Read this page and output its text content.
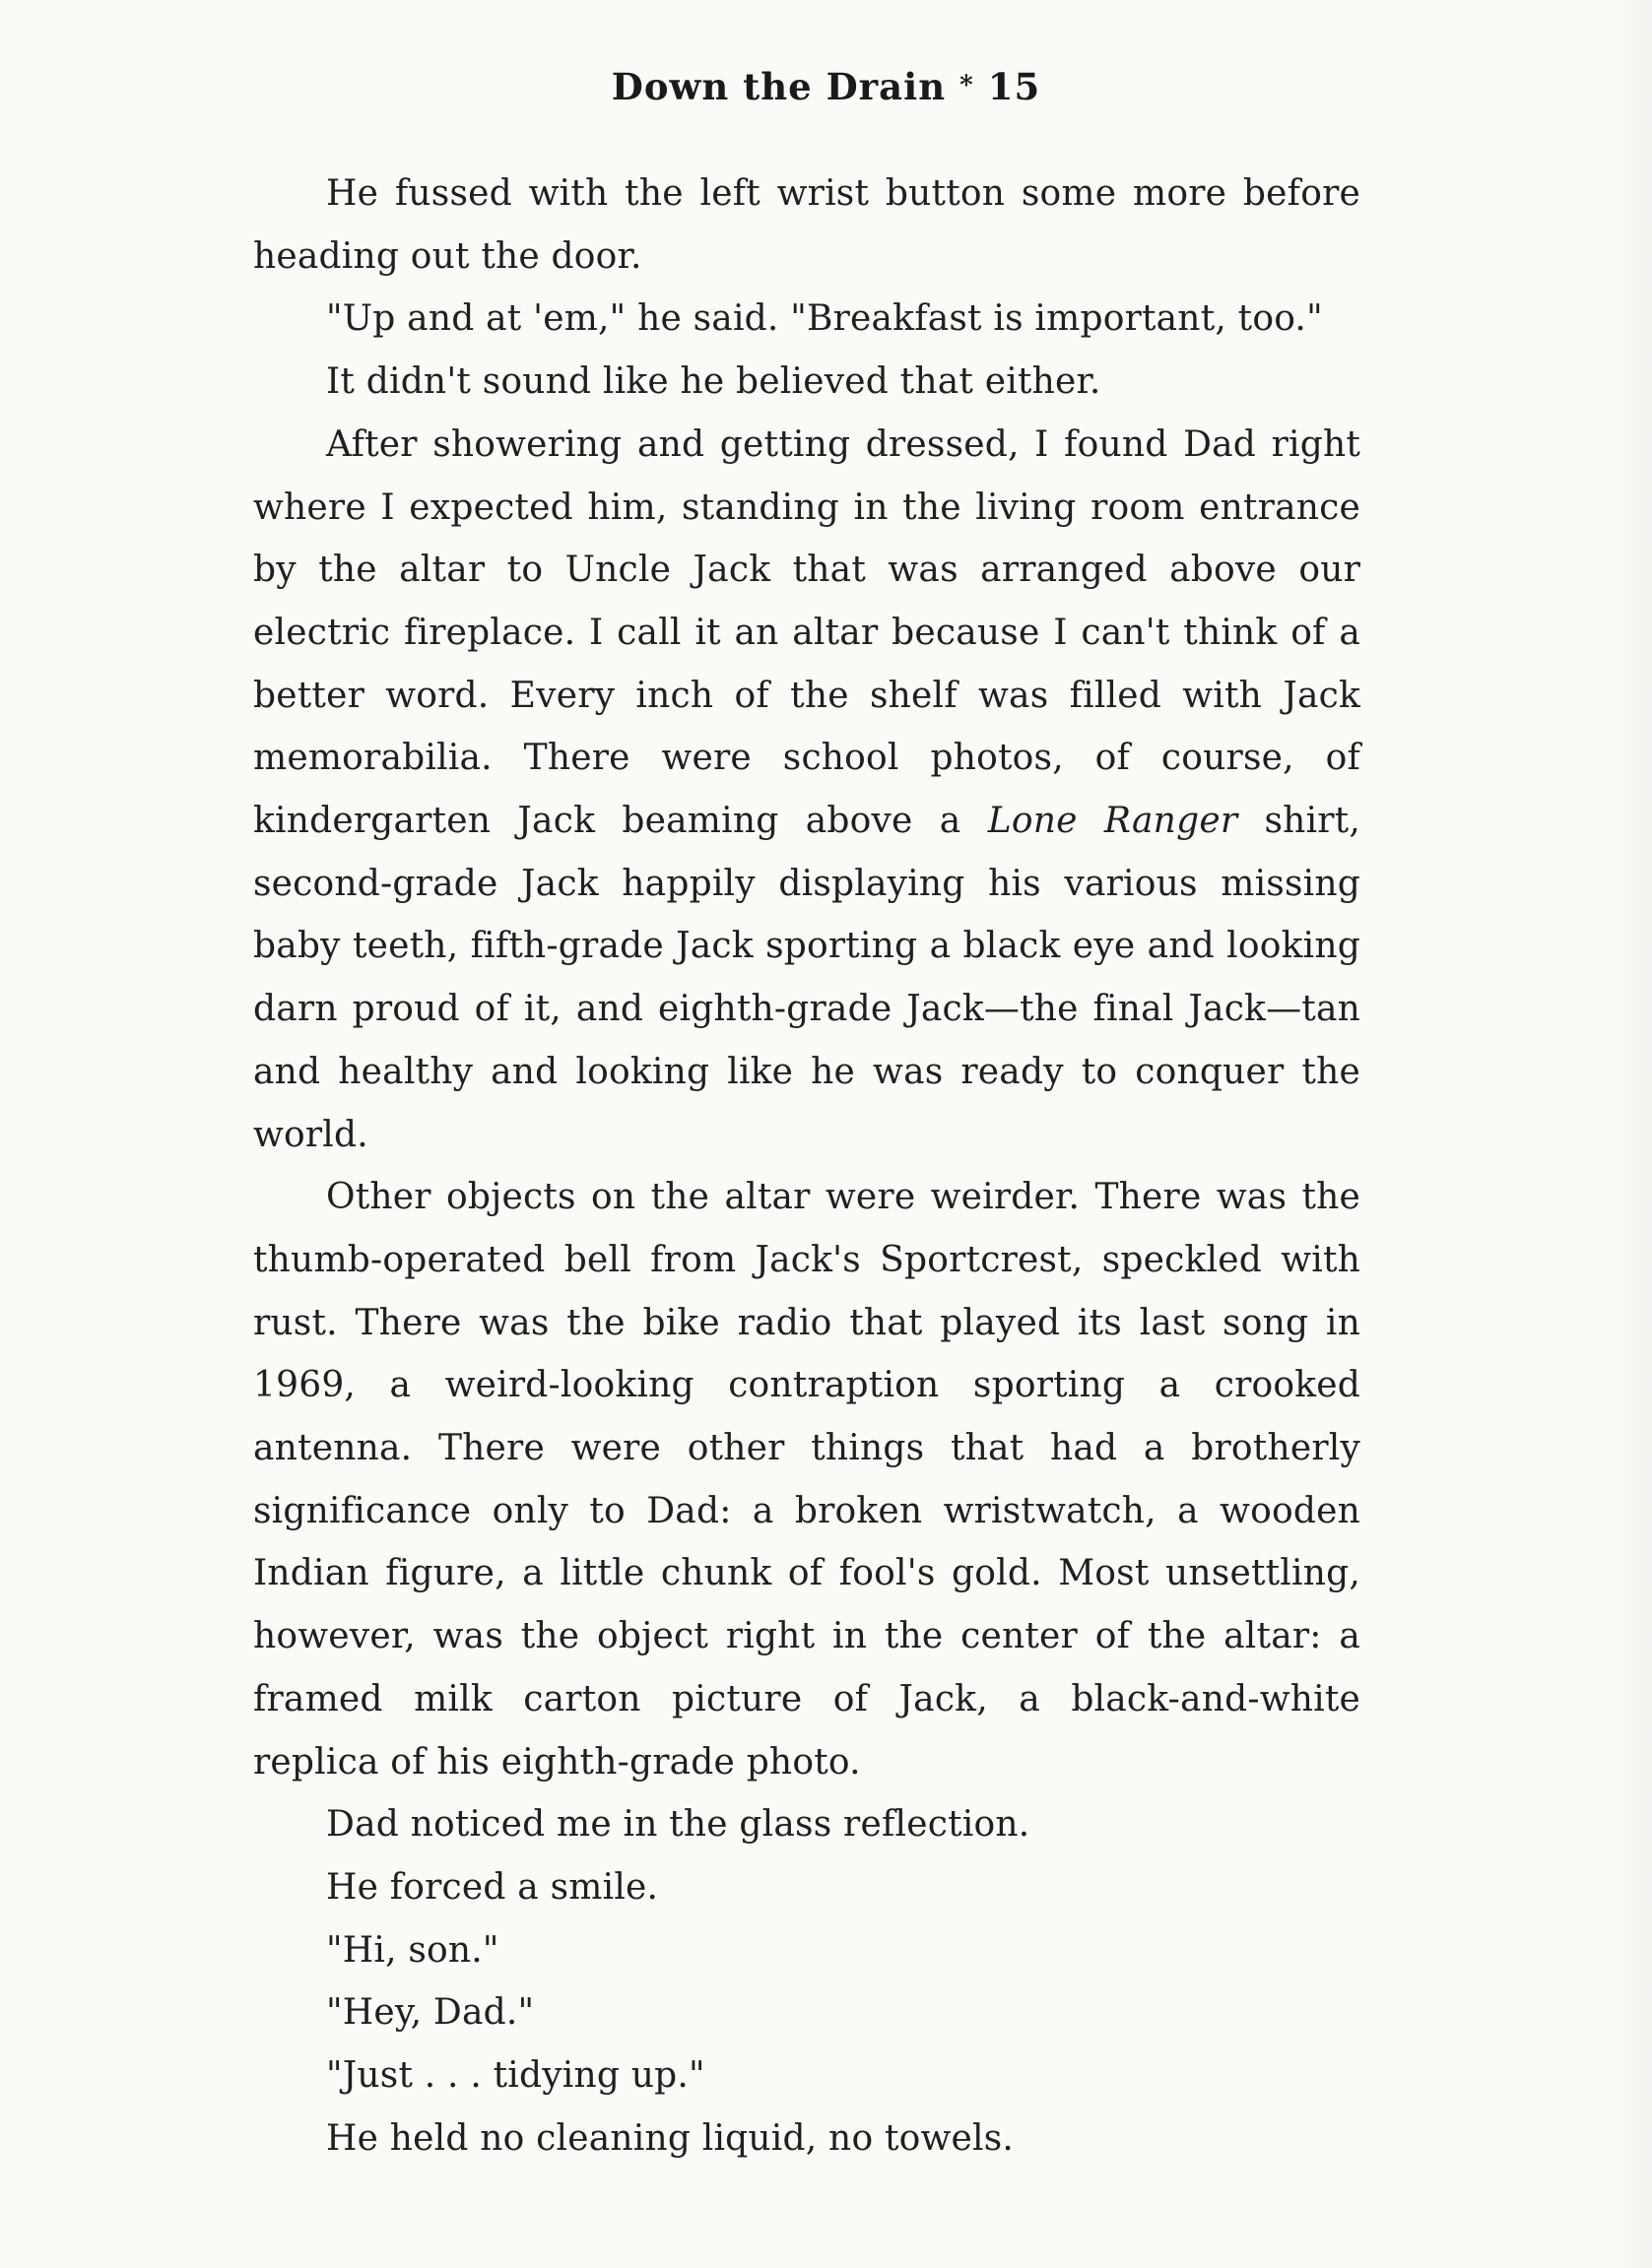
Down the Drain * 15

He fussed with the left wrist button some more before heading out the door.

"Up and at 'em," he said. "Breakfast is important, too."

It didn't sound like he believed that either.

After showering and getting dressed, I found Dad right where I expected him, standing in the living room entrance by the altar to Uncle Jack that was arranged above our electric fireplace. I call it an altar because I can't think of a better word. Every inch of the shelf was filled with Jack memorabilia. There were school photos, of course, of kindergarten Jack beaming above a Lone Ranger shirt, second-grade Jack happily displaying his various missing baby teeth, fifth-grade Jack sporting a black eye and looking darn proud of it, and eighth-grade Jack—the final Jack—tan and healthy and looking like he was ready to conquer the world.

Other objects on the altar were weirder. There was the thumb-operated bell from Jack's Sportcrest, speckled with rust. There was the bike radio that played its last song in 1969, a weird-looking contraption sporting a crooked antenna. There were other things that had a brotherly significance only to Dad: a broken wristwatch, a wooden Indian figure, a little chunk of fool's gold. Most unsettling, however, was the object right in the center of the altar: a framed milk carton picture of Jack, a black-and-white replica of his eighth-grade photo.

Dad noticed me in the glass reflection.

He forced a smile.

"Hi, son."

"Hey, Dad."

"Just . . . tidying up."

He held no cleaning liquid, no towels.
